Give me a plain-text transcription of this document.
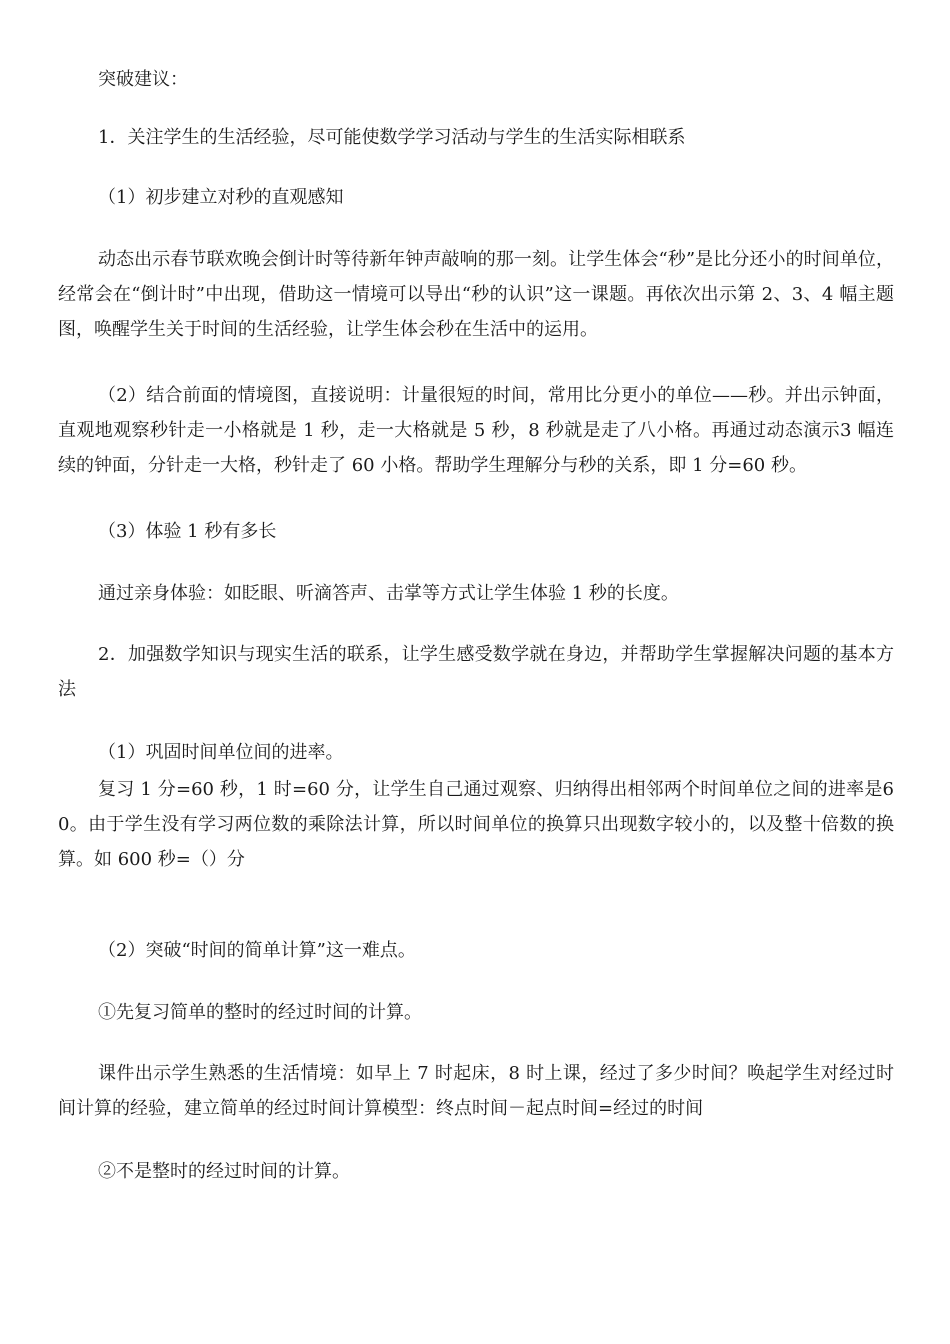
突破建议：

1．关注学生的生活经验，尽可能使数学学习活动与学生的生活实际相联系

（1）初步建立对秒的直观感知

动态出示春节联欢晚会倒计时等待新年钟声敲响的那一刻。让学生体会“秒”是比分还小的时间单位，经常会在“倒计时”中出现，借助这一情境可以导出“秒的认识”这一课题。再依次出示第 2、3、4 幅主题图，唤醒学生关于时间的生活经验，让学生体会秒在生活中的运用。

（2）结合前面的情境图，直接说明：计量很短的时间，常用比分更小的单位——秒。并出示钟面，直观地观察秒针走一小格就是 1 秒，走一大格就是 5 秒，8 秒就是走了八小格。再通过动态演示3 幅连续的钟面，分针走一大格，秒针走了 60 小格。帮助学生理解分与秒的关系，即 1 分=60 秒。

（3）体验 1 秒有多长

通过亲身体验：如眨眼、听滴答声、击掌等方式让学生体验 1 秒的长度。

2．加强数学知识与现实生活的联系，让学生感受数学就在身边，并帮助学生掌握解决问题的基本方法

（1）巩固时间单位间的进率。

复习 1 分=60 秒，1 时=60 分，让学生自己通过观察、归纳得出相邻两个时间单位之间的进率是60。由于学生没有学习两位数的乘除法计算，所以时间单位的换算只出现数字较小的，以及整十倍数的换算。如 600 秒=（）分

（2）突破“时间的简单计算”这一难点。

①先复习简单的整时的经过时间的计算。

课件出示学生熟悉的生活情境：如早上 7 时起床，8 时上课，经过了多少时间？唤起学生对经过时间计算的经验，建立简单的经过时间计算模型：终点时间－起点时间=经过的时间

②不是整时的经过时间的计算。
